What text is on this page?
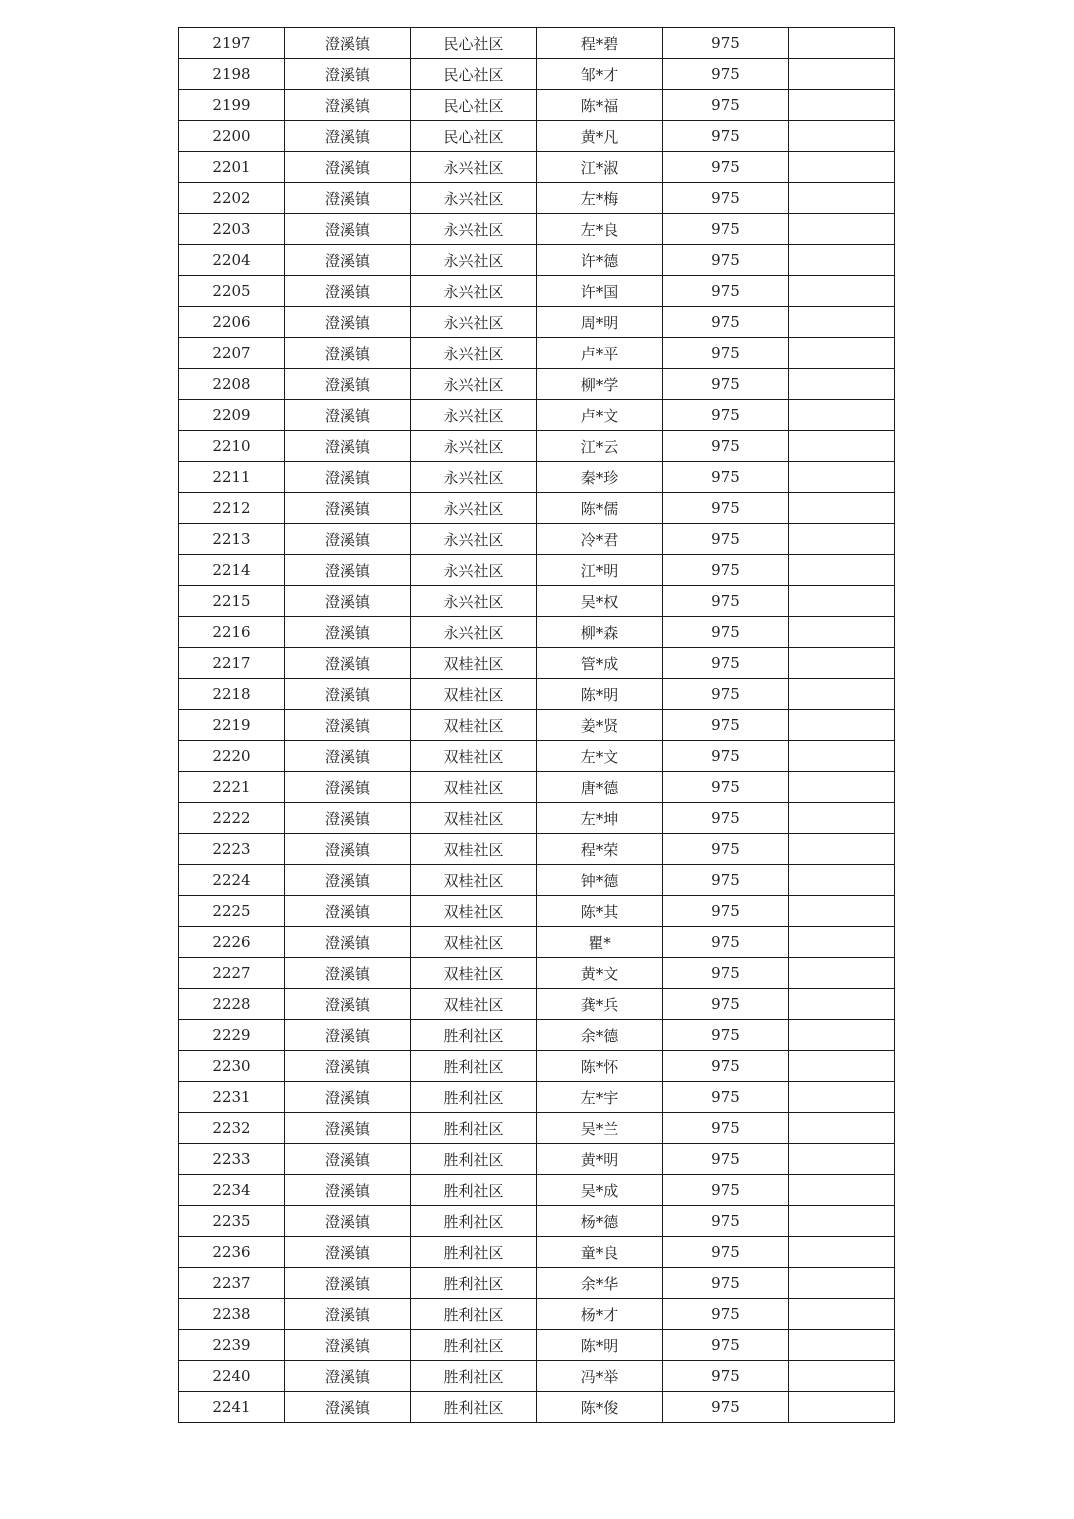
2197	澄溪镇	民心社区	程*碧	975	
2198	澄溪镇	民心社区	邹*才	975	
2199	澄溪镇	民心社区	陈*福	975	
2200	澄溪镇	民心社区	黄*凡	975	
2201	澄溪镇	永兴社区	江*淑	975	
2202	澄溪镇	永兴社区	左*梅	975	
2203	澄溪镇	永兴社区	左*良	975	
2204	澄溪镇	永兴社区	许*德	975	
2205	澄溪镇	永兴社区	许*国	975	
2206	澄溪镇	永兴社区	周*明	975	
2207	澄溪镇	永兴社区	卢*平	975	
2208	澄溪镇	永兴社区	柳*学	975	
2209	澄溪镇	永兴社区	卢*文	975	
2210	澄溪镇	永兴社区	江*云	975	
2211	澄溪镇	永兴社区	秦*珍	975	
2212	澄溪镇	永兴社区	陈*儒	975	
2213	澄溪镇	永兴社区	冷*君	975	
2214	澄溪镇	永兴社区	江*明	975	
2215	澄溪镇	永兴社区	吴*权	975	
2216	澄溪镇	永兴社区	柳*森	975	
2217	澄溪镇	双桂社区	管*成	975	
2218	澄溪镇	双桂社区	陈*明	975	
2219	澄溪镇	双桂社区	姜*贤	975	
2220	澄溪镇	双桂社区	左*文	975	
2221	澄溪镇	双桂社区	唐*德	975	
2222	澄溪镇	双桂社区	左*坤	975	
2223	澄溪镇	双桂社区	程*荣	975	
2224	澄溪镇	双桂社区	钟*德	975	
2225	澄溪镇	双桂社区	陈*其	975	
2226	澄溪镇	双桂社区	瞿*	975	
2227	澄溪镇	双桂社区	黄*文	975	
2228	澄溪镇	双桂社区	龚*兵	975	
2229	澄溪镇	胜利社区	余*德	975	
2230	澄溪镇	胜利社区	陈*怀	975	
2231	澄溪镇	胜利社区	左*宇	975	
2232	澄溪镇	胜利社区	吴*兰	975	
2233	澄溪镇	胜利社区	黄*明	975	
2234	澄溪镇	胜利社区	吴*成	975	
2235	澄溪镇	胜利社区	杨*德	975	
2236	澄溪镇	胜利社区	童*良	975	
2237	澄溪镇	胜利社区	余*华	975	
2238	澄溪镇	胜利社区	杨*才	975	
2239	澄溪镇	胜利社区	陈*明	975	
2240	澄溪镇	胜利社区	冯*举	975	
2241	澄溪镇	胜利社区	陈*俊	975	
